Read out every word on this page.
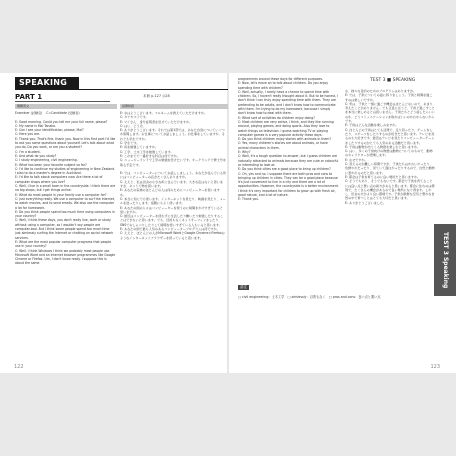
SPEAKING
PART 1	本冊 p.127 ◎28
問題英文	設問和訳
Examiner (試験官)    C=Candidate (受験者)

E: Good morning. Could you tell me your full name, please?
C: My name is Mai Tanaka.
E: Can I see your identification, please, Mai?
C: Here you are.
E: Thank you. That's fine, thank you. Now in this first part I'd like to ask you some questions about yourself. Let's talk about what you do. Do you work, or are you a student?
C: I'm a student.
E: And what do you study?
C: I study engineering, civil engineering.
E: What has been your favorite subject so far?
C: I'd like to continue my studies of engineering in New Zealand. I plan to do a master's degree in Auckland.
E: I'd like to talk about computers now. Are there a lot of computer shops where you live?
C: Well, I live in a small town in the countryside. I think there are no big shops, but I get things online.
E: What do most people in your family use a computer for?
C: Just everything really. We use a computer to surf the Internet, to watch movies, and to send emails. We also use the computer a lot for homework.
E: Do you think people spend too much time using computers in your country?
C: Well, I think these days, you don't really live, work or study without using a computer, so I wouldn't say people are computer-bad. But I think some people spend too much time just aimlessly surfing the Internet or chatting on social network services.
E: What are the most popular computer programs that people use in your country?
C: Well, I think Windows I think we probably most people use Microsoft Word and an Internet browser programmes like Google Chrome or Firefox. Um, I don't know really. I suppose this is about the same
E: おはようございます。フルネームを教えていただけますか。
C: タナカマイです。
E: マイさん、身分証明書を見せていただけますか。
C: はい、どうぞ。
E: ありがとうございます。それでは第1部では、あなた自身についていくつか質問します。お仕事についてお話しましょう。お仕事をしていますか、それとも学生ですか。
C: 学生です。
E: 何を勉強していますか。
C: 工学、土木工学を勉強しています。
E: これまでで一番好きな科目は何ですか。
C: ニュージーランドで工学の勉強を続けたいです。オークランドで修士号を取る予定です。

E: では、コンピューターについてお話ししましょう。あなたが住んでいる所にはコンピューターの店がたくさんありますか。
C: ええと、私は田舎の小さな町に住んでいます。大きな店はないと思いますが、ネットで物を買います。
E: あなたの家族のほとんどの人は何のためにコンピューターを使いますか。
C: 本当に何にでも使います。インターネットを見たり、映画を見たり、メールを送ったりします。宿題にもよく使います。
E: あなたの国の人々はコンピューターを使うのに時間をかけすぎていると思いますか。
C: 最近はコンピューターを使わずに生活したり働いたり勉強したりすることはできないと思います。でも、目的もなくネットサーフィンをしたり、SNSでおしゃべりしたりして時間を使いすぎている人もいると思います。
E: あなたの国で最も人気のあるコンピュータープログラムは何ですか。
C: ええと、ほとんどの人がMicrosoft WordとGoogle ChromeやFirefoxのようなインターネットブラウザーを使っていると思います。
122
TEST 3 ■ SPEAKING
programmes around these days for different purposes.
E: Now, let's move on to talk about children. Do you enjoy spending time with children?
C: Well, actually, I rarely have a chance to spend time with children. So, I haven't really thought about it. But to be honest, I don't think I can truly enjoy spending time with them. They are pretending to be adults, and I don't know how to communicate with them. I'm trying to do my homework, because I simply don't know how to deal with them.
E: What sort of activities do children enjoy doing?
C: Most children are very active, I think, and they like running around, playing games, and doing sports. Also they love to watch things on television. I guess watching TV or playing computer games is a very popular activity these days.
E: Do you think children enjoy stories with animals in them?
C: Yes, many children's stories are about animals, or have animal characters in them.
E: Why?
C: Well, it's a tough question to answer, but I guess children are naturally attracted to animals because they are cute or colourful or interesting to look at.
E: Do you think cities are a good place to bring up children?
C: Oh, yes and no. I suppose there are both pros and cons to bringing up children in cities. They can be a good place because it's just convenient to live in a city and there are a lot of opportunities. However, the countryside is a better environment. I think it's very important for children to grow up with fresh air, good nature, and a lot of nature.
E: Thank you.
な、様々な目的のためのプログラムはありますが。
E: では、子供についての話に移りましょう。子供と時間を過ごすのは楽しいですか。
C: 実は、子供と一緒に過ごす機会はほとんどないので、あまり考えたことがありません。でも正直に言うと、子供と過ごすことを本当に楽しめるとは思いません。子供たちとどう接したらいいのか、どうコミュニケーションを取ればいいのかわからないからです。
E: 子供はどんな活動を楽しみますか。
C: ほとんどの子供はとても活発で、走り回ったり、ゲームをしたり、スポーツをしたりするのが好きだと思います。テレビを見るのも大好きです。最近はテレビを見たりコンピューターゲームをしたりするのがとても人気のある活動だと思います。
E: 子供は動物が出てくる物語を楽しむと思いますか。
C: はい、多くの子供向けの物語は動物についてのもので、動物のキャラクターが登場します。
E: なぜですか。
C: 答えるのが難しい質問ですが、子供たちはかわいかったり、色鮮やかだったり、見ていて面白かったりするので、自然と動物に惹かれるのだと思います。
E: 都会は子供を育てるのに良い場所だと思いますか。
C: そうでもあり、そうでもないです。都会で子供を育てることには良い点と悪い点の両方があると思います。都会に住むのは便利で、たくさんの機会があるので良い場所になり得ます。しかし、田舎の方がより良い環境です。子供が新鮮な空気と豊かな自然の中で育つことはとても大切だと思います。
E: ありがとうございました。
語注
□ civil engineering：土木工学　□ aimlessly：目的もなく　□ pros and cons：良い点と悪い点
123
TEST 3 Speaking
